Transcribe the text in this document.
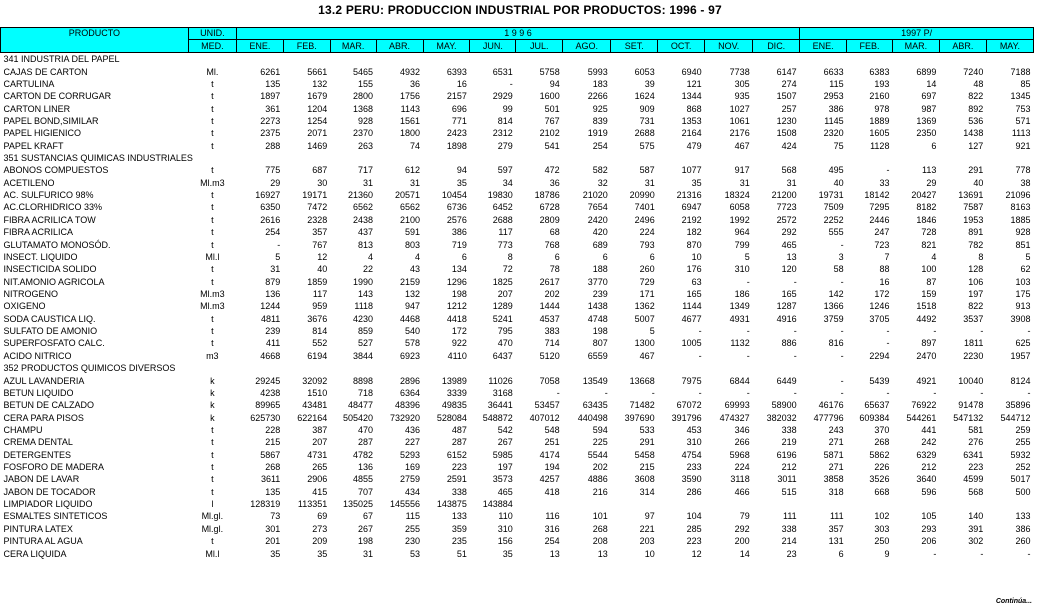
13.2 PERU: PRODUCCION INDUSTRIAL POR PRODUCTOS: 1996 - 97
PRODUCTO	UNID.	1 9 9 6												1997 P/				
	MED.	ENE.	FEB.	MAR.	ABR.	MAY.	JUN.	JUL.	AGO.	SET.	OCT.	NOV.	DIC.	ENE.	FEB.	MAR.	ABR.	MAY.
341 INDUSTRIA DEL PAPEL																		
CAJAS DE CARTON	Ml.	6261	5661	5465	4932	6393	6531	5758	5993	6053	6940	7738	6147	6633	6383	6899	7240	7188
CARTULINA	t	135	132	155	36	16	-	94	183	39	121	305	274	115	193	14	48	85
CARTON DE CORRUGAR	t	1897	1679	2800	1756	2157	2929	1600	2266	1624	1344	935	1507	2953	2160	697	822	1345
CARTON LINER	t	361	1204	1368	1143	696	99	501	925	909	868	1027	257	386	978	987	892	753
PAPEL BOND,SIMILAR	t	2273	1254	928	1561	771	814	767	839	731	1353	1061	1230	1145	1889	1369	536	571
PAPEL HIGIENICO	t	2375	2071	2370	1800	2423	2312	2102	1919	2688	2164	2176	1508	2320	1605	2350	1438	1113
PAPEL KRAFT	t	288	1469	263	74	1898	279	541	254	575	479	467	424	75	1128	6	127	921
351 SUSTANCIAS QUIMICAS INDUSTRIALES																		
ABONOS COMPUESTOS	t	775	687	717	612	94	597	472	582	587	1077	917	568	495	-	113	291	778
ACETILENO	Ml.m3	29	30	31	31	35	34	36	32	31	35	31	31	40	33	29	40	38
AC. SULFURICO 98%	t	16927	19171	21360	20571	10454	19830	18786	21020	20990	21316	18324	21200	19731	18142	20427	13691	21096
AC.CLORHIDRICO 33%	t	6350	7472	6562	6562	6736	6452	6728	7654	7401	6947	6058	7723	7509	7295	8182	7587	8163
FIBRA ACRILICA TOW	t	2616	2328	2438	2100	2576	2688	2809	2420	2496	2192	1992	2572	2252	2446	1846	1953	1885
FIBRA ACRILICA	t	254	357	437	591	386	117	68	420	224	182	964	292	555	247	728	891	928
GLUTAMATO MONOSÓD.	t	-	767	813	803	719	773	768	689	793	870	799	465	-	723	821	782	851
INSECT. LIQUIDO	Ml.l	5	12	4	4	6	8	6	6	6	10	5	13	3	7	4	8	5
INSECTICIDA SOLIDO	t	31	40	22	43	134	72	78	188	260	176	310	120	58	88	100	128	62
NIT.AMONIO AGRICOLA	t	879	1859	1990	2159	1296	1825	2617	3770	729	63	-	-	-	16	87	106	103
NITROGENO	Ml.m3	136	117	143	132	198	207	202	239	171	165	186	165	142	172	159	197	175
OXIGENO	Ml.m3	1244	959	1118	947	1212	1289	1444	1438	1362	1144	1349	1287	1366	1246	1518	822	913
SODA CAUSTICA LIQ.	t	4811	3676	4230	4468	4418	5241	4537	4748	5007	4677	4931	4916	3759	3705	4492	3537	3908
SULFATO DE AMONIO	t	239	814	859	540	172	795	383	198	5	-	-	-	-	-	-	-	-
SUPERFOSFATO CALC.	t	411	552	527	578	922	470	714	807	1300	1005	1132	886	816	-	897	1811	625
ACIDO NITRICO	m3	4668	6194	3844	6923	4110	6437	5120	6559	467	-	-	-	-	2294	2470	2230	1957
352 PRODUCTOS QUIMICOS DIVERSOS																		
AZUL LAVANDERIA	k	29245	32092	8898	2896	13989	11026	7058	13549	13668	7975	6844	6449	-	5439	4921	10040	8124
BETUN LIQUIDO	k	4238	1510	718	6364	3339	3168	-	-	-	-	-	-	-	-	-	-	-
BETUN DE CALZADO	k	89965	43481	48477	48396	49835	36441	53457	63435	71482	67072	69993	58900	46176	65637	76922	91478	35896
CERA PARA PISOS	k	625730	622164	505420	732920	528084	548872	407012	440498	397690	391796	474327	382032	477796	609384	544261	547132	544712
CHAMPU	t	228	387	470	436	487	542	548	594	533	453	346	338	243	370	441	581	259
CREMA DENTAL	t	215	207	287	227	287	267	251	225	291	310	266	219	271	268	242	276	255
DETERGENTES	t	5867	4731	4782	5293	6152	5985	4174	5544	5458	4754	5968	6196	5871	5862	6329	6341	5932
FOSFORO DE MADERA	t	268	265	136	169	223	197	194	202	215	233	224	212	271	226	212	223	252
JABON DE LAVAR	t	3611	2906	4855	2759	2591	3573	4257	4886	3608	3590	3118	3011	3858	3526	3640	4599	5017
JABON DE TOCADOR	t	135	415	707	434	338	465	418	216	314	286	466	515	318	668	596	568	500
LIMPIADOR LIQUIDO	l	128319	113351	135025	145556	143875	143884											
ESMALTES SINTETICOS	Ml.gl.	73	69	67	115	133	110	116	101	97	104	79	111	111	102	105	140	133
PINTURA LATEX	Ml.gl.	301	273	267	255	359	310	316	268	221	285	292	338	357	303	293	391	386
PINTURA AL AGUA	t	201	209	198	230	235	156	254	208	203	223	200	214	131	250	206	302	260
CERA LIQUIDA	Ml.l	35	35	31	53	51	35	13	13	10	12	14	23	6	9	-	-	-
Continúa...
